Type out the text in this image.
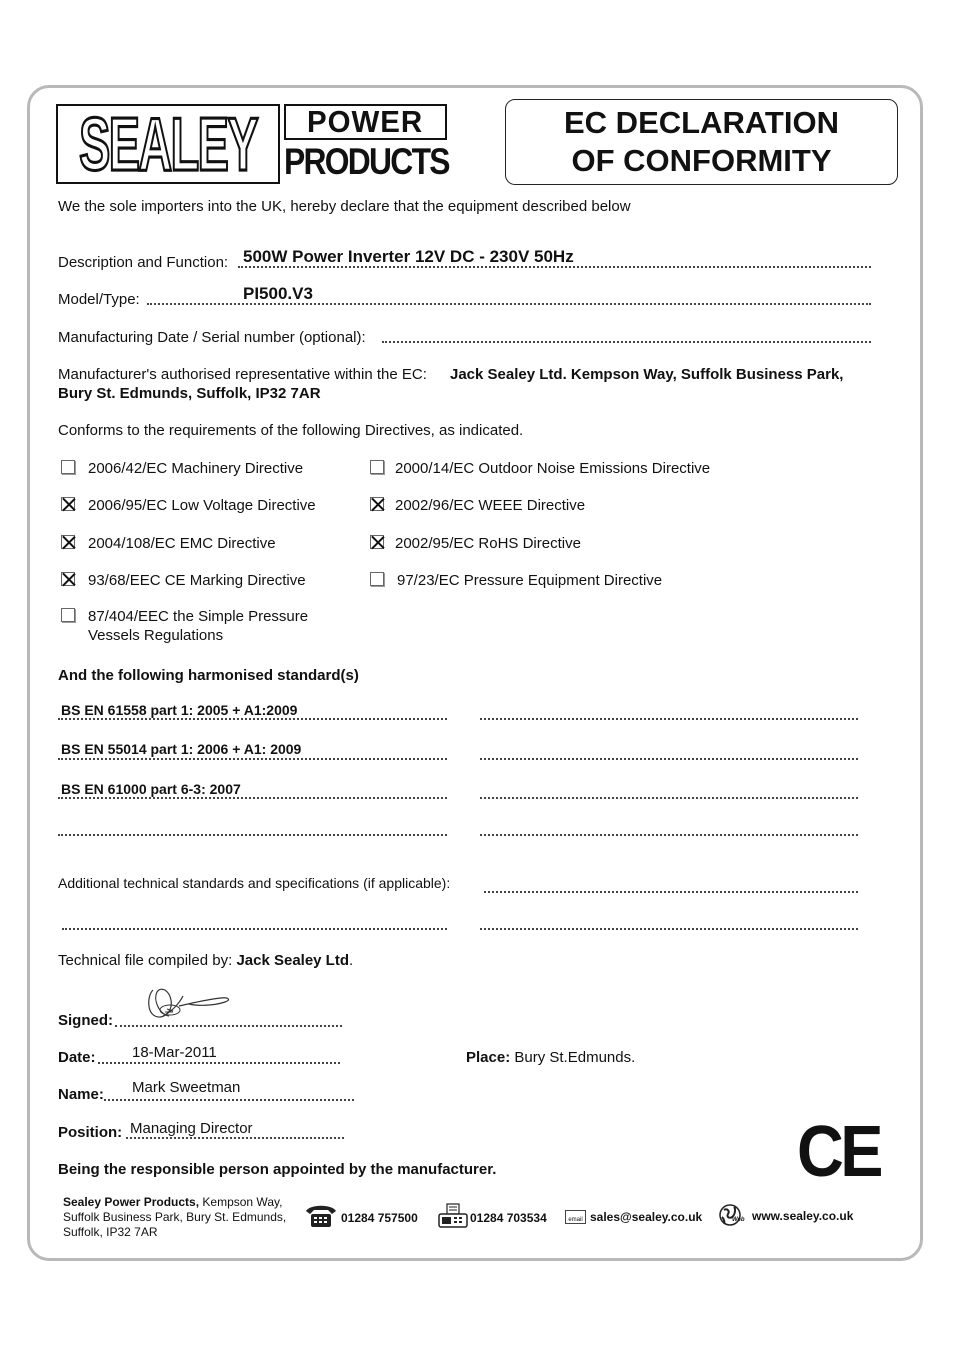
SEALEY POWER
PRODUCTS
EC DECLARATION
OF CONFORMITY
We the sole importers into the UK, hereby declare that the equipment described below
Description and Function: 500W Power Inverter 12V DC - 230V 50Hz
Model/Type:	PI500.V3
Manufacturing Date / Serial number (optional):
Manufacturer's authorised representative within the EC: Jack Sealey Ltd. Kempson Way, Suffolk Business Park,
Bury St. Edmunds, Suffolk, IP32 7AR
Conforms to the requirements of the following Directives, as indicated.
2006/42/EC Machinery Directive	2000/14/EC Outdoor Noise Emissions Directive
2006/95/EC Low Voltage Directive	2002/96/EC WEEE Directive
2004/108/EC EMC Directive	2002/95/EC RoHS Directive
93/68/EEC CE Marking Directive	97/23/EC Pressure Equipment Directive
87/404/EEC the Simple Pressure
Vessels Regulations
And the following harmonised standard(s)
BS EN 61558 part 1: 2005 + A1:2009
BS EN 55014 part 1: 2006 + A1: 2009
BS EN 61000 part 6-3: 2007
Additional technical standards and specifications (if applicable):
Technical file compiled by: Jack Sealey Ltd.
Signed:
Date: 18-Mar-2011	Place: Bury St.Edmunds.
Name: Mark Sweetman
Position: Managing Director	CE
Being the responsible person appointed by the manufacturer.
Sealey Power Products, Kempson Way,
Suffolk Business Park, Bury St. Edmunds,
Suffolk, IP32 7AR
01284 757500	01284 703534	email sales@sealey.co.uk	Web www.sealey.co.uk
